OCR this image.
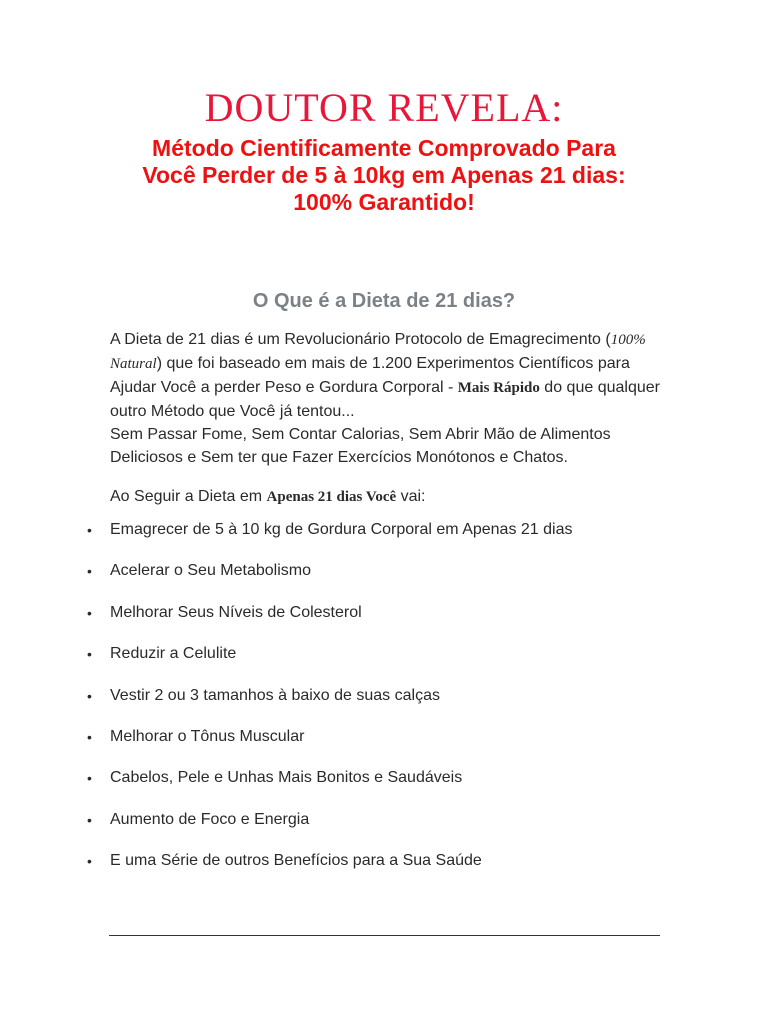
DOUTOR REVELA:
Método Cientificamente Comprovado Para
Você Perder de 5 à 10kg em Apenas 21 dias:
100% Garantido!
O Que é a Dieta de 21 dias?
A Dieta de 21 dias é um Revolucionário Protocolo de Emagrecimento (100% Natural) que foi baseado em mais de 1.200 Experimentos Científicos para Ajudar Você a perder Peso e Gordura Corporal - Mais Rápido do que qualquer outro Método que Você já tentou...
Sem Passar Fome, Sem Contar Calorias, Sem Abrir Mão de Alimentos Deliciosos e Sem ter que Fazer Exercícios Monótonos e Chatos.
Ao Seguir a Dieta em Apenas 21 dias Você vai:
• Emagrecer de 5 à 10 kg de Gordura Corporal em Apenas 21 dias
• Acelerar o Seu Metabolismo
• Melhorar Seus Níveis de Colesterol
• Reduzir a Celulite
• Vestir 2 ou 3 tamanhos à baixo de suas calças
• Melhorar o Tônus Muscular
• Cabelos, Pele e Unhas Mais Bonitos e Saudáveis
• Aumento de Foco e Energia
• E uma Série de outros Benefícios para a Sua Saúde
